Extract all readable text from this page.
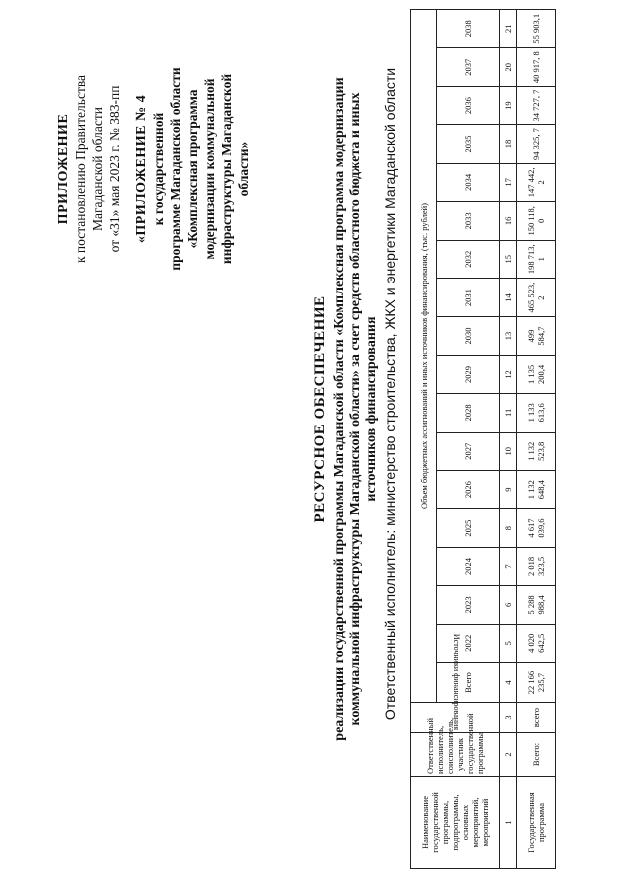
ПРИЛОЖЕНИЕ к постановлению Правительства Магаданской области от «31» мая 2023 г. № 383-пп «ПРИЛОЖЕНИЕ № 4 к государственной программе Магаданской области «Комплексная программа модернизации коммунальной инфраструктуры Магаданской области»
РЕСУРСНОЕ ОБЕСПЕЧЕНИЕ реализации государственной программы Магаданской области «Комплексная программа модернизации коммунальной инфраструктуры Магаданской области» за счет средств областного бюджета и иных источников финансирования Ответственный исполнитель: министерство строительства, ЖКХ и энергетики Магаданской области
Наименование государственной программы, подпрограммы, основных мероприятий, мероприятий	Ответственный исполнитель, соисполнитель, участник государственной программы	Источники финансирования	Объем бюджетных ассигнований и иных источников финансирования, (тыс. рублей)																	
			Всего	2022	2023	2024	2025	2026	2027	2028	2029	2030	2031	2032	2033	2034	2035	2036	2037	2038
1	2	3	4	5	6	7	8	9	10	11	12	13	14	15	16	17	18	19	20	21
Государственная программа	Всего:	всего	22 166 235,7	4 020 642,5	5 288 988,4	2 018 323,5	4 617 039,6	1 132 648,4	1 132 523,8	1 133 613,6	1 135 200,4	499 584,7	465 523, 2	198 713, 1	150 118, 0	147 442, 2	94 325, 7	34 727, 7	40 917, 8	55 903,1
